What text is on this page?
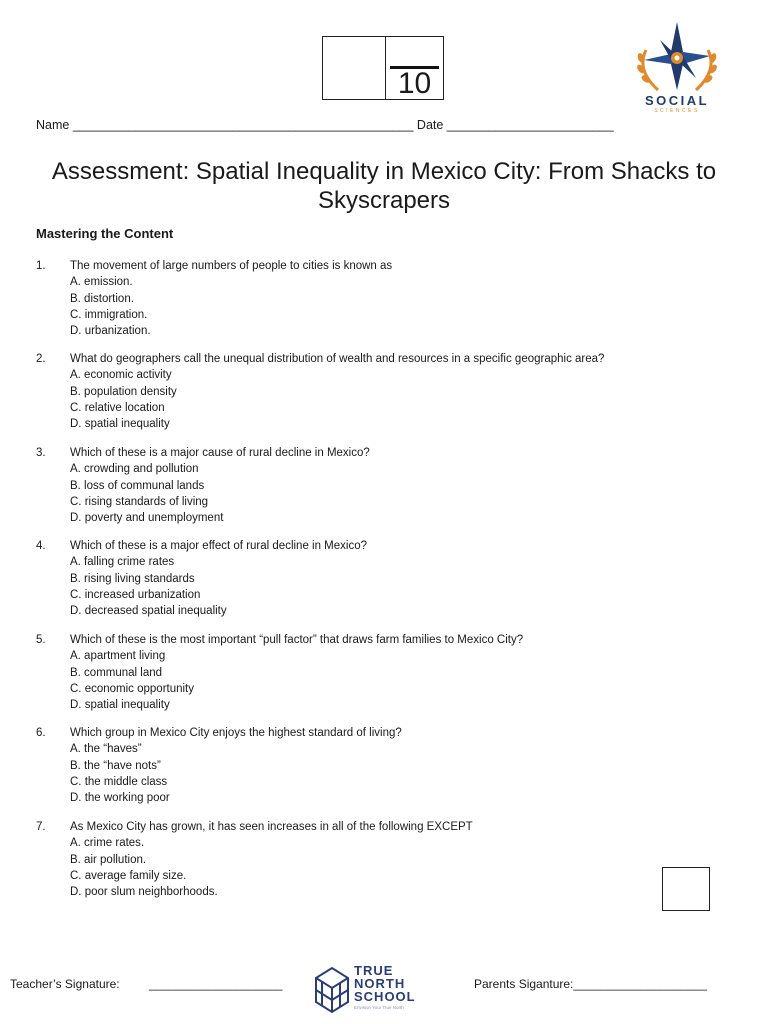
10
SOCIAL
SCIENCES
Name _________________________________________________ Date ________________________
Assessment: Spatial Inequality in Mexico City: From Shacks to Skyscrapers
Mastering the Content
1. The movement of large numbers of people to cities is known as
A. emission.
B. distortion.
C. immigration.
D. urbanization.
2. What do geographers call the unequal distribution of wealth and resources in a specific geographic area?
A. economic activity
B. population density
C. relative location
D. spatial inequality
3. Which of these is a major cause of rural decline in Mexico?
A. crowding and pollution
B. loss of communal lands
C. rising standards of living
D. poverty and unemployment
4. Which of these is a major effect of rural decline in Mexico?
A. falling crime rates
B. rising living standards
C. increased urbanization
D. decreased spatial inequality
5. Which of these is the most important “pull factor” that draws farm families to Mexico City?
A. apartment living
B. communal land
C. economic opportunity
D. spatial inequality
6. Which group in Mexico City enjoys the highest standard of living?
A. the “haves”
B. the “have nots”
C. the middle class
D. the working poor
7. As Mexico City has grown, it has seen increases in all of the following EXCEPT
A. crime rates.
B. air pollution.
C. average family size.
D. poor slum neighborhoods.
Teacher’s Signature: ____________________
TRUE
NORTH
SCHOOL
Envision Your True North
Parents Siganture:____________________
